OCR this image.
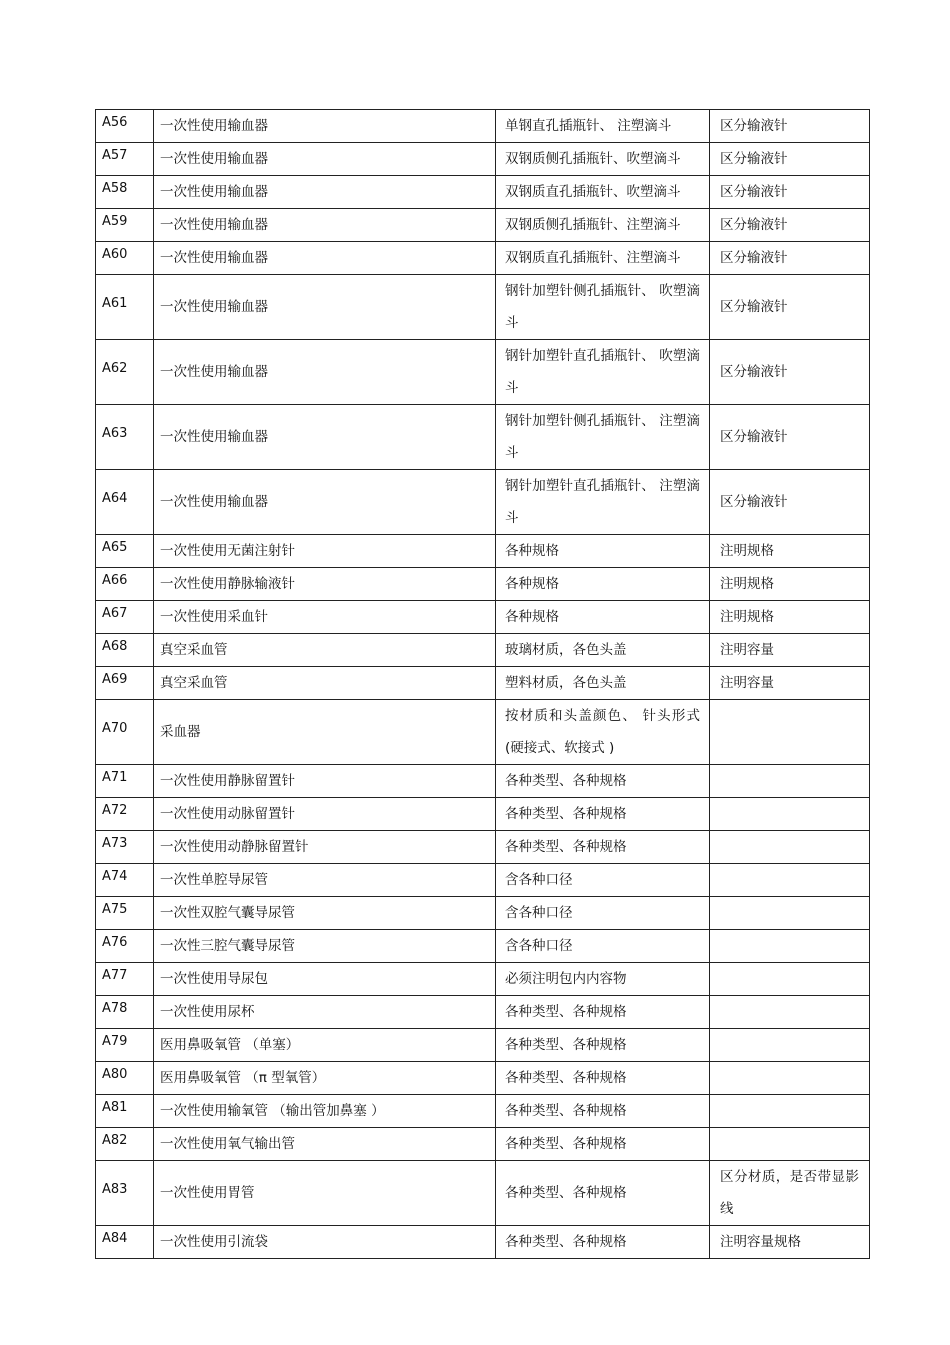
A56	一次性使用输血器	单钢直孔插瓶针、 注塑滴斗	区分输液针
A57	一次性使用输血器	双钢质侧孔插瓶针、吹塑滴斗	区分输液针
A58	一次性使用输血器	双钢质直孔插瓶针、吹塑滴斗	区分输液针
A59	一次性使用输血器	双钢质侧孔插瓶针、注塑滴斗	区分输液针
A60	一次性使用输血器	双钢质直孔插瓶针、注塑滴斗	区分输液针
A61	一次性使用输血器	钢针加塑针侧孔插瓶针、 吹塑滴斗	区分输液针
A62	一次性使用输血器	钢针加塑针直孔插瓶针、 吹塑滴斗	区分输液针
A63	一次性使用输血器	钢针加塑针侧孔插瓶针、 注塑滴斗	区分输液针
A64	一次性使用输血器	钢针加塑针直孔插瓶针、 注塑滴斗	区分输液针
A65	一次性使用无菌注射针	各种规格	注明规格
A66	一次性使用静脉输液针	各种规格	注明规格
A67	一次性使用采血针	各种规格	注明规格
A68	真空采血管	玻璃材质，各色头盖	注明容量
A69	真空采血管	塑料材质，各色头盖	注明容量
A70	采血器	按材质和头盖颜色、 针头形式(硬接式、软接式 )	
A71	一次性使用静脉留置针	各种类型、各种规格	
A72	一次性使用动脉留置针	各种类型、各种规格	
A73	一次性使用动静脉留置针	各种类型、各种规格	
A74	一次性单腔导尿管	含各种口径	
A75	一次性双腔气囊导尿管	含各种口径	
A76	一次性三腔气囊导尿管	含各种口径	
A77	一次性使用导尿包	必须注明包内内容物	
A78	一次性使用尿杯	各种类型、各种规格	
A79	医用鼻吸氧管 （单塞）	各种类型、各种规格	
A80	医用鼻吸氧管 （π 型氧管）	各种类型、各种规格	
A81	一次性使用输氧管 （输出管加鼻塞 ）	各种类型、各种规格	
A82	一次性使用氧气输出管	各种类型、各种规格	
A83	一次性使用胃管	各种类型、各种规格	区分材质，是否带显影线
A84	一次性使用引流袋	各种类型、各种规格	注明容量规格
